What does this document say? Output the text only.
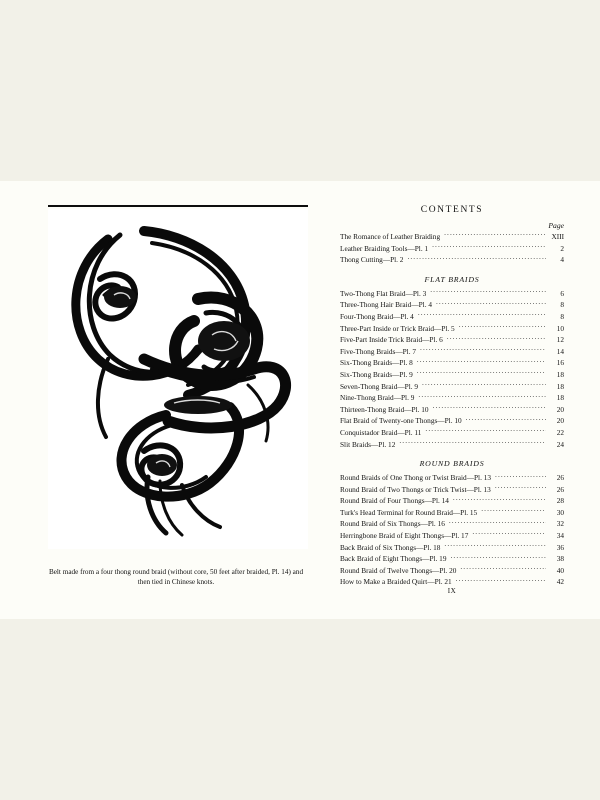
Belt made from a four thong round braid (without core, 50 feet after braided, Pl. 14) and then tied in Chinese knots.
CONTENTS
Page
The Romance of Leather Braiding .....	XIII
Leather Braiding Tools—Pl. 1 .....	2
Thong Cutting—Pl. 2 .....	4
FLAT BRAIDS
Two-Thong Flat Braid—Pl. 3 .....	6
Three-Thong Hair Braid—Pl. 4 .....	8
Four-Thong Braid—Pl. 4 .....	8
Three-Part Inside or Trick Braid—Pl. 5 .....	10
Five-Part Inside Trick Braid—Pl. 6 .....	12
Five-Thong Braids—Pl. 7 .....	14
Six-Thong Braids—Pl. 8 .....	16
Six-Thong Braids—Pl. 9 .....	18
Seven-Thong Braid—Pl. 9 .....	18
Nine-Thong Braid—Pl. 9 .....	18
Thirteen-Thong Braid—Pl. 10 .....	20
Flat Braid of Twenty-one Thongs—Pl. 10 .....	20
Conquistador Braid—Pl. 11 .....	22
Slit Braids—Pl. 12 .....	24
ROUND BRAIDS
Round Braids of One Thong or Twist Braid—Pl. 13 .....	26
Round Braid of Two Thongs or Trick Twist—Pl. 13 .....	26
Round Braid of Four Thongs—Pl. 14 .....	28
Turk's Head Terminal for Round Braid—Pl. 15 .....	30
Round Braid of Six Thongs—Pl. 16 .....	32
Herringbone Braid of Eight Thongs—Pl. 17 .....	34
Back Braid of Six Thongs—Pl. 18 .....	36
Back Braid of Eight Thongs—Pl. 19 .....	38
Round Braid of Twelve Thongs—Pl. 20 .....	40
How to Make a Braided Quirt—Pl. 21 .....	42
IX
